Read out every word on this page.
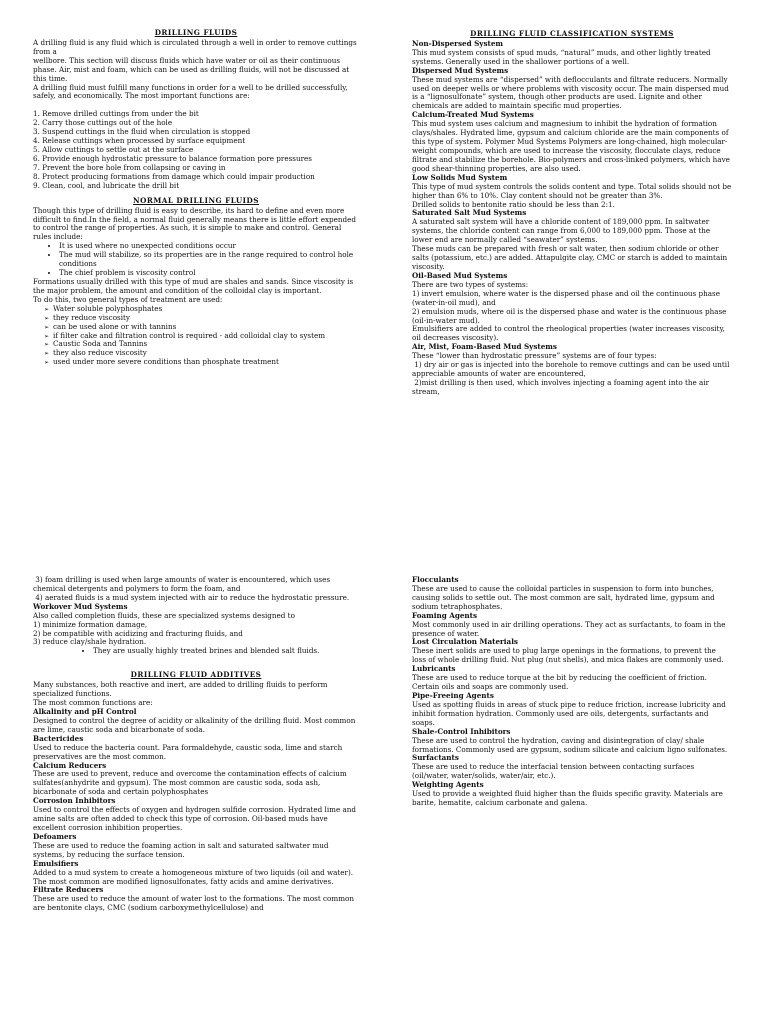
DRILLING FLUIDS

A drilling fluid is any fluid which is circulated through a well in order to remove cuttings from a

wellbore. This section will discuss fluids which have water or oil as their continuous phase. Air, mist and foam, which can be used as drilling fluids, will not be discussed at this time.

A drilling fluid must fulfill many functions in order for a well to be drilled successfully, safely, and economically. The most important functions are:

1. Remove drilled cuttings from under the bit
2. Carry those cuttings out of the hole
3. Suspend cuttings in the fluid when circulation is stopped
4. Release cuttings when processed by surface equipment
5. Allow cuttings to settle out at the surface
6. Provide enough hydrostatic pressure to balance formation pore pressures
7. Prevent the bore hole from collapsing or caving in
8. Protect producing formations from damage which could impair production
9. Clean, cool, and lubricate the drill bit
NORMAL DRILLING FLUIDS

Though this type of drilling fluid is easy to describe, its hard to define and even more difficult to find.In the field, a normal fluid generally means there is little effort expended to control the range of properties. As such, it is simple to make and control. General rules include:

• It is used where no unexpected conditions occur
• The mud will stabilize, so its properties are in the range required to control hole conditions
• The chief problem is viscosity control

Formations usually drilled with this type of mud are shales and sands. Since viscosity is the major problem, the amount and condition of the colloidal clay is important.

To do this, two general types of treatment are used:

➢ Water soluble polyphosphates
➢ they reduce viscosity
➢ can be used alone or with tannins
➢ if filter cake and filtration control is required - add colloidal clay to system
➢ Caustic Soda and Tannins
➢ they also reduce viscosity
➢ used under more severe conditions than phosphate treatment
DRILLING FLUID CLASSIFICATION SYSTEMS
Non-Dispersed System

This mud system consists of spud muds, “natural” muds, and other lightly treated systems. Generally used in the shallower portions of a well.

Dispersed Mud Systems

These mud systems are “dispersed” with deflocculants and filtrate reducers. Normally used on deeper wells or where problems with viscosity occur. The main dispersed mud is a “lignosulfonate” system, though other products are used. Lignite and other chemicals are added to maintain specific mud properties.

Calcium-Treated Mud Systems

This mud system uses calcium and magnesium to inhibit the hydration of formation clays/shales. Hydrated lime, gypsum and calcium chloride are the main components of this type of system. Polymer Mud Systems Polymers are long-chained, high molecular-weight compounds, which are used to increase the viscosity, flocculate clays, reduce filtrate and stabilize the borehole. Bio-polymers and cross-linked polymers, which have good shear-thinning properties, are also used.

Low Solids Mud System

This type of mud system controls the solids content and type. Total solids should not be higher than 6% to 10%. Clay content should not be greater than 3%.

Drilled solids to bentonite ratio should be less than 2:1.

Saturated Salt Mud Systems

A saturated salt system will have a chloride content of 189,000 ppm. In saltwater systems, the chloride content can range from 6,000 to 189,000 ppm. Those at the lower end are normally called “seawater” systems.

These muds can be prepared with fresh or salt water, then sodium chloride or other salts (potassium, etc.) are added. Attapulgite clay, CMC or starch is added to maintain viscosity.

Oil-Based Mud Systems

There are two types of systems:

1) invert emulsion, where water is the dispersed phase and oil the continuous phase (water-in-oil mud), and

2) emulsion muds, where oil is the dispersed phase and water is the continuous phase (oil-in-water mud).

Emulsifiers are added to control the rheological properties (water increases viscosity, oil decreases viscosity).

Air, Mist, Foam-Based Mud Systems

These “lower than hydrostatic pressure” systems are of four types:

1) dry air or gas is injected into the borehole to remove cuttings and can be used until appreciable amounts of water are encountered,

2)mist drilling is then used, which involves injecting a foaming agent into the air stream,

3) foam drilling is used when large amounts of water is encountered, which uses chemical detergents and polymers to form the foam, and

4) aerated fluids is a mud system injected with air to reduce the hydrostatic pressure.

Workover Mud Systems

Also called completion fluids, these are specialized systems designed to

1) minimize formation damage,

2) be compatible with acidizing and fracturing fluids, and

3) reduce clay/shale hydration.

• They are usually highly treated brines and blended salt fluids.
DRILLING FLUID ADDITIVES

Many substances, both reactive and inert, are added to drilling fluids to perform specialized functions.

The most common functions are:

Alkalinity and pH Control

Designed to control the degree of acidity or alkalinity of the drilling fluid. Most common are lime, caustic soda and bicarbonate of soda.

Bactericides

Used to reduce the bacteria count. Para formaldehyde, caustic soda, lime and starch preservatives are the most common.

Calcium Reducers

These are used to prevent, reduce and overcome the contamination effects of calcium sulfates(anhydrite and gypsum). The most common are caustic soda, soda ash, bicarbonate of soda and certain polyphosphates

Corrosion Inhibitors

Used to control the effects of oxygen and hydrogen sulfide corrosion. Hydrated lime and amine salts are often added to check this type of corrosion. Oil-based muds have excellent corrosion inhibition properties.

Defoamers

These are used to reduce the foaming action in salt and saturated saltwater mud systems, by reducing the surface tension.

Emulsifiers

Added to a mud system to create a homogeneous mixture of two liquids (oil and water). The most common are modified lignosulfonates, fatty acids and amine derivatives.

Filtrate Reducers

These are used to reduce the amount of water lost to the formations. The most common are bentonite clays, CMC (sodium carboxymethylcellulose) and

Flocculants

These are used to cause the colloidal particles in suspension to form into bunches, causing solids to settle out. The most common are salt, hydrated lime, gypsum and sodium tetraphosphates.

Foaming Agents

Most commonly used in air drilling operations. They act as surfactants, to foam in the presence of water.

Lost Circulation Materials

These inert solids are used to plug large openings in the formations, to prevent the loss of whole drilling fluid. Nut plug (nut shells), and mica flakes are commonly used.

Lubricants

These are used to reduce torque at the bit by reducing the coefficient of friction. Certain oils and soaps are commonly used.

Pipe-Freeing Agents

Used as spotting fluids in areas of stuck pipe to reduce friction, increase lubricity and inhibit formation hydration. Commonly used are oils, detergents, surfactants and soaps.

Shale-Control Inhibitors

These are used to control the hydration, caving and disintegration of clay/ shale formations. Commonly used are gypsum, sodium silicate and calcium ligno sulfonates.

Surfactants

These are used to reduce the interfacial tension between contacting surfaces (oil/water, water/solids, water/air, etc.).

Weighting Agents

Used to provide a weighted fluid higher than the fluids specific gravity. Materials are barite, hematite, calcium carbonate and galena.
